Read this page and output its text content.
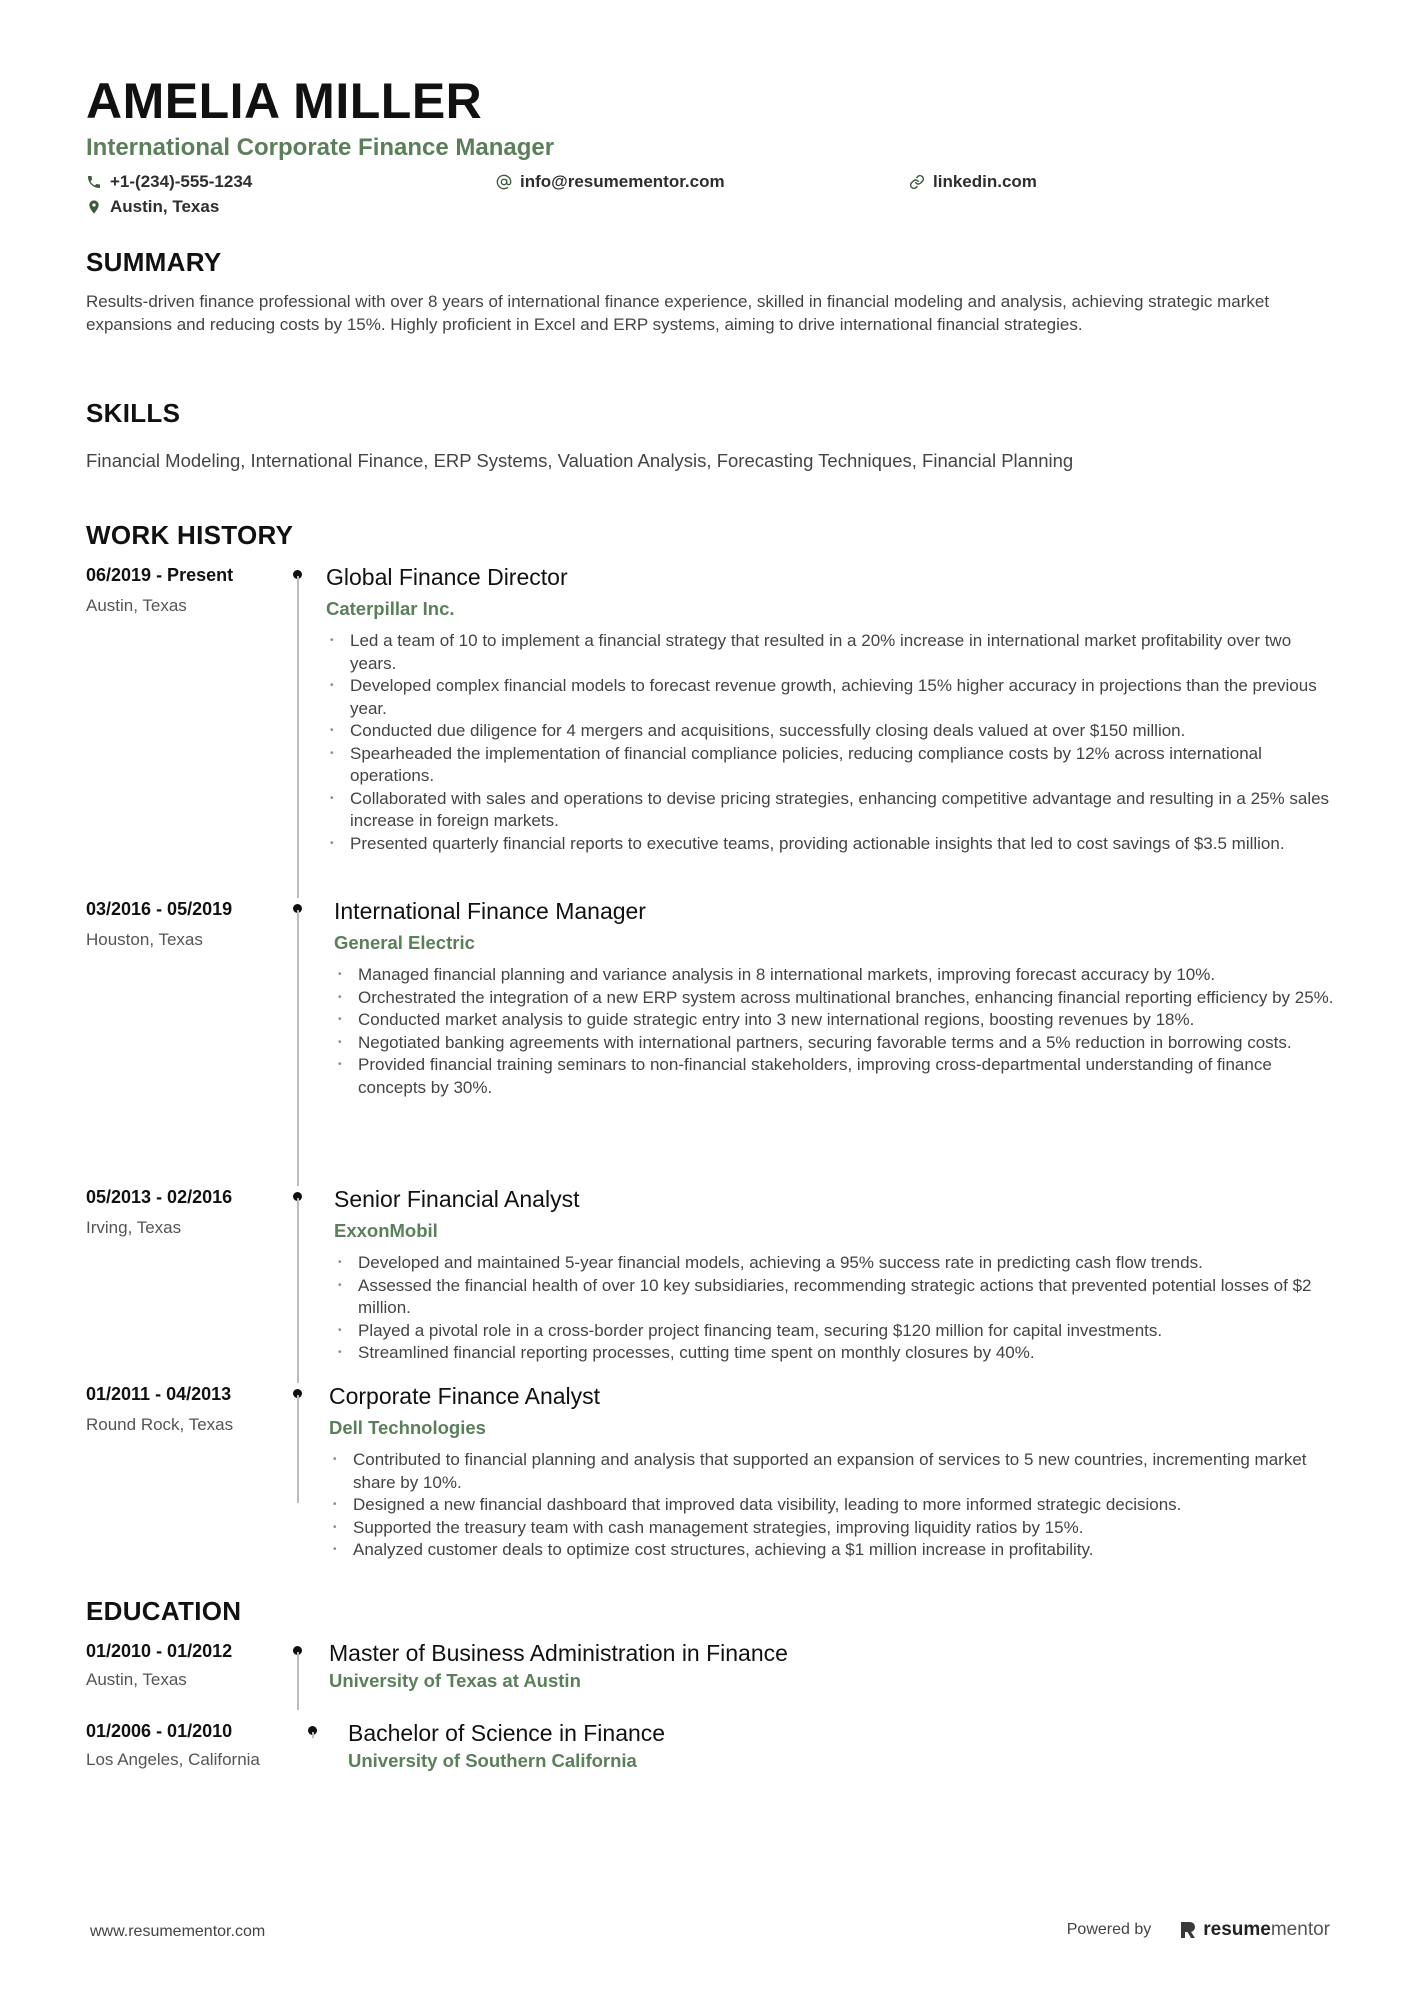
AMELIA MILLER
International Corporate Finance Manager
+1-(234)-555-1234	info@resumementor.com	linkedin.com
Austin, Texas
SUMMARY
Results-driven finance professional with over 8 years of international finance experience, skilled in financial modeling and analysis, achieving strategic market expansions and reducing costs by 15%. Highly proficient in Excel and ERP systems, aiming to drive international financial strategies.
SKILLS
Financial Modeling, International Finance, ERP Systems, Valuation Analysis, Forecasting Techniques, Financial Planning
WORK HISTORY
06/2019 - Present
Austin, Texas
Global Finance Director
Caterpillar Inc.
• Led a team of 10 to implement a financial strategy that resulted in a 20% increase in international market profitability over two years.
• Developed complex financial models to forecast revenue growth, achieving 15% higher accuracy in projections than the previous year.
• Conducted due diligence for 4 mergers and acquisitions, successfully closing deals valued at over $150 million.
• Spearheaded the implementation of financial compliance policies, reducing compliance costs by 12% across international operations.
• Collaborated with sales and operations to devise pricing strategies, enhancing competitive advantage and resulting in a 25% sales increase in foreign markets.
• Presented quarterly financial reports to executive teams, providing actionable insights that led to cost savings of $3.5 million.
03/2016 - 05/2019
Houston, Texas
International Finance Manager
General Electric
• Managed financial planning and variance analysis in 8 international markets, improving forecast accuracy by 10%.
• Orchestrated the integration of a new ERP system across multinational branches, enhancing financial reporting efficiency by 25%.
• Conducted market analysis to guide strategic entry into 3 new international regions, boosting revenues by 18%.
• Negotiated banking agreements with international partners, securing favorable terms and a 5% reduction in borrowing costs.
• Provided financial training seminars to non-financial stakeholders, improving cross-departmental understanding of finance concepts by 30%.
05/2013 - 02/2016
Irving, Texas
Senior Financial Analyst
ExxonMobil
• Developed and maintained 5-year financial models, achieving a 95% success rate in predicting cash flow trends.
• Assessed the financial health of over 10 key subsidiaries, recommending strategic actions that prevented potential losses of $2 million.
• Played a pivotal role in a cross-border project financing team, securing $120 million for capital investments.
• Streamlined financial reporting processes, cutting time spent on monthly closures by 40%.
01/2011 - 04/2013
Round Rock, Texas
Corporate Finance Analyst
Dell Technologies
• Contributed to financial planning and analysis that supported an expansion of services to 5 new countries, incrementing market share by 10%.
• Designed a new financial dashboard that improved data visibility, leading to more informed strategic decisions.
• Supported the treasury team with cash management strategies, improving liquidity ratios by 15%.
• Analyzed customer deals to optimize cost structures, achieving a $1 million increase in profitability.
EDUCATION
01/2010 - 01/2012
Austin, Texas
Master of Business Administration in Finance
University of Texas at Austin
01/2006 - 01/2010
Los Angeles, California
Bachelor of Science in Finance
University of Southern California
www.resumementor.com	Powered by	resumementor
